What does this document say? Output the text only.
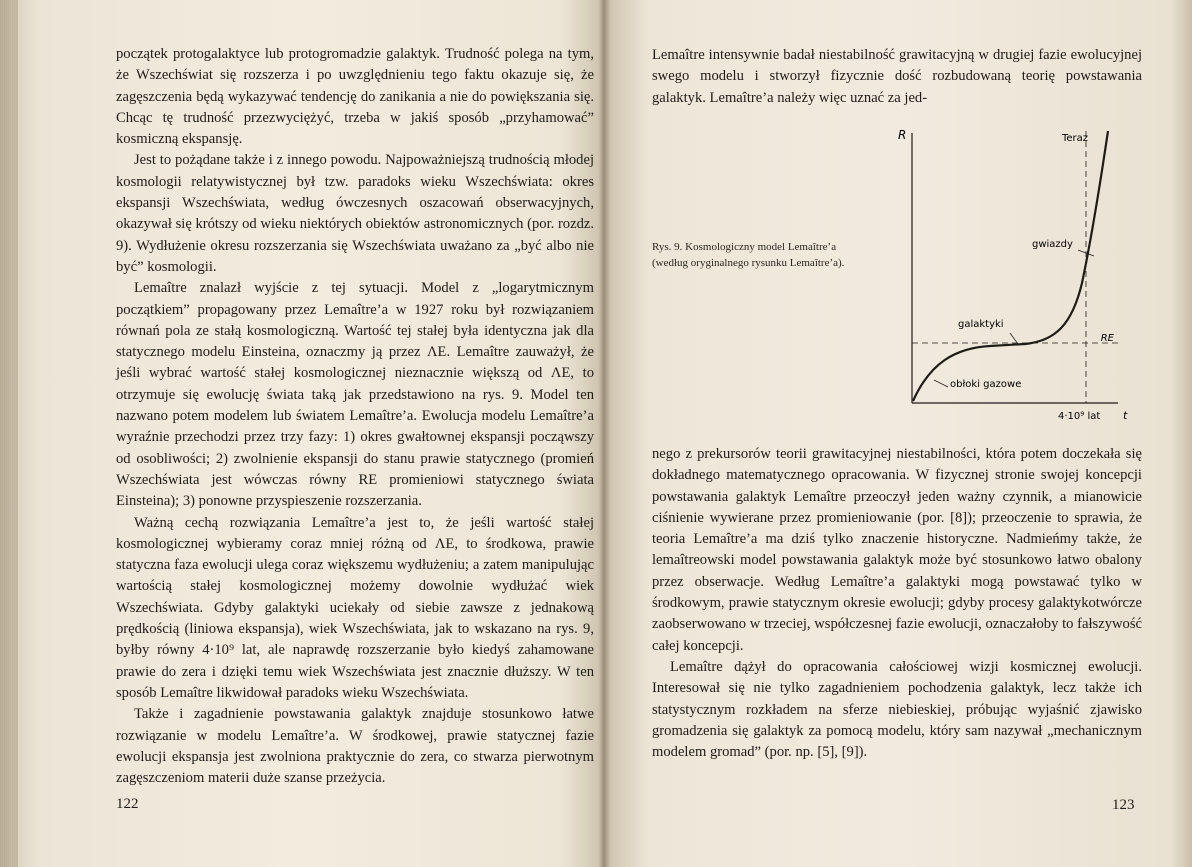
początek protogalaktyce lub protogromadzie galaktyk. Trudność polega na tym, że Wszechświat się rozszerza i po uwzględnieniu tego faktu okazuje się, że zagęszczenia będą wykazywać tendencję do zanikania a nie do powiększania się. Chcąc tę trudność przezwyciężyć, trzeba w jakiś sposób „przyhamować” kosmiczną ekspansję.

Jest to pożądane także i z innego powodu. Najpoważniejszą trudnością młodej kosmologii relatywistycznej był tzw. paradoks wieku Wszechświata: okres ekspansji Wszechświata, według ówczesnych oszacowań obserwacyjnych, okazywał się krótszy od wieku niektórych obiektów astronomicznych (por. rozdz. 9). Wydłużenie okresu rozszerzania się Wszechświata uważano za „być albo nie być” kosmologii.

Lemaître znalazł wyjście z tej sytuacji. Model z „logarytmicznym początkiem” propagowany przez Lemaître’a w 1927 roku był rozwiązaniem równań pola ze stałą kosmologiczną. Wartość tej stałej była identyczna jak dla statycznego modelu Einsteina, oznaczmy ją przez ΛE. Lemaître zauważył, że jeśli wybrać wartość stałej kosmologicznej nieznacznie większą od ΛE, to otrzymuje się ewolucję świata taką jak przedstawiono na rys. 9. Model ten nazwano potem modelem lub światem Lemaître’a. Ewolucja modelu Lemaître’a wyraźnie przechodzi przez trzy fazy: 1) okres gwałtownej ekspansji począwszy od osobliwości; 2) zwolnienie ekspansji do stanu prawie statycznego (promień Wszechświata jest wówczas równy RE promieniowi statycznego świata Einsteina); 3) ponowne przyspieszenie rozszerzania.

Ważną cechą rozwiązania Lemaître’a jest to, że jeśli wartość stałej kosmologicznej wybieramy coraz mniej różną od ΛE, to środkowa, prawie statyczna faza ewolucji ulega coraz większemu wydłużeniu; a zatem manipulując wartością stałej kosmologicznej możemy dowolnie wydłużać wiek Wszechświata. Gdyby galaktyki uciekały od siebie zawsze z jednakową prędkością (liniowa ekspansja), wiek Wszechświata, jak to wskazano na rys. 9, byłby równy 4·10⁹ lat, ale naprawdę rozszerzanie było kiedyś zahamowane prawie do zera i dzięki temu wiek Wszechświata jest znacznie dłuższy. W ten sposób Lemaître likwidował paradoks wieku Wszechświata.

Także i zagadnienie powstawania galaktyk znajduje stosunkowo łatwe rozwiązanie w modelu Lemaître’a. W środkowej, prawie statycznej fazie ewolucji ekspansja jest zwolniona praktycznie do zera, co stwarza pierwotnym zagęszczeniom materii duże szanse przeżycia.

122

Lemaître intensywnie badał niestabilność grawitacyjną w drugiej fazie ewolucyjnej swego modelu i stworzył fizycznie dość rozbudowaną teorię powstawania galaktyk. Lemaître’a należy więc uznać za jed-

Rys. 9. Kosmologiczny model Lemaître’a (według oryginalnego rysunku Lemaître’a).
R	Teraz
gwiazdy
galaktyki
RE
obłoki gazowe
4·10⁹ lat t

nego z prekursorów teorii grawitacyjnej niestabilności, która potem doczekała się dokładnego matematycznego opracowania. W fizycznej stronie swojej koncepcji powstawania galaktyk Lemaître przeoczył jeden ważny czynnik, a mianowicie ciśnienie wywierane przez promieniowanie (por. [8]); przeoczenie to sprawia, że teoria Lemaître’a ma dziś tylko znaczenie historyczne. Nadmieńmy także, że lemaîtreowski model powstawania galaktyk może być stosunkowo łatwo obalony przez obserwacje. Według Lemaître’a galaktyki mogą powstawać tylko w środkowym, prawie statycznym okresie ewolucji; gdyby procesy galaktykotwórcze zaobserwowano w trzeciej, współczesnej fazie ewolucji, oznaczałoby to fałszywość całej koncepcji.

Lemaître dążył do opracowania całościowej wizji kosmicznej ewolucji. Interesował się nie tylko zagadnieniem pochodzenia galaktyk, lecz także ich statystycznym rozkładem na sferze niebieskiej, próbując wyjaśnić zjawisko gromadzenia się galaktyk za pomocą modelu, który sam nazywał „mechanicznym modelem gromad” (por. np. [5], [9]).

123
